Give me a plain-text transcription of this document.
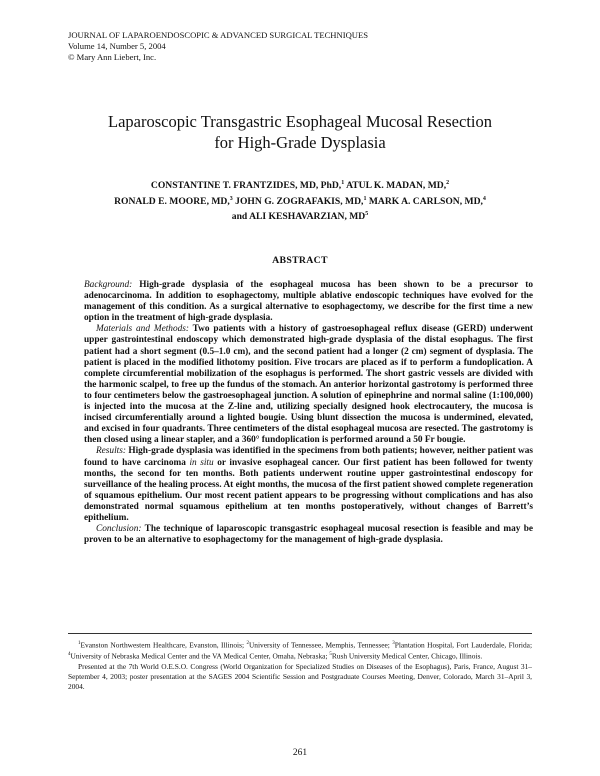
JOURNAL OF LAPAROENDOSCOPIC & ADVANCED SURGICAL TECHNIQUES
Volume 14, Number 5, 2004
© Mary Ann Liebert, Inc.
Laparoscopic Transgastric Esophageal Mucosal Resection
for High-Grade Dysplasia
CONSTANTINE T. FRANTZIDES, MD, PhD,$^1$ ATUL K. MADAN, MD,$^2$
RONALD E. MOORE, MD,$^3$ JOHN G. ZOGRAFAKIS, MD,$^1$ MARK A. CARLSON, MD,$^4$
and ALI KESHAVARZIAN, $MD^5$
ABSTRACT

Background: High-grade dysplasia of the esophageal mucosa has been shown to be a precursor to adenocarcinoma. In addition to esophagectomy, multiple ablative endoscopic techniques have evolved for the management of this condition. As a surgical alternative to esophagectomy, we describe for the first time a new option in the treatment of high-grade dysplasia.

Materials and Methods: Two patients with a history of gastroesophageal reflux disease (GERD) underwent upper gastrointestinal endoscopy which demonstrated high-grade dysplasia of the distal esophagus. The first patient had a short segment (0.5–1.0 cm), and the second patient had a longer (2 cm) segment of dysplasia. The patient is placed in the modified lithotomy position. Five trocars are placed as if to perform a fundoplication. A complete circumferential mobilization of the esophagus is performed. The short gastric vessels are divided with the harmonic scalpel, to free up the fundus of the stomach. An anterior horizontal gastrotomy is performed three to four centimeters below the gastroesophageal junction. A solution of epinephrine and normal saline (1:100,000) is injected into the mucosa at the Z-line and, utilizing specially designed hook electrocautery, the mucosa is incised circumferentially around a lighted bougie. Using blunt dissection the mucosa is undermined, elevated, and excised in four quadrants. Three centimeters of the distal esophageal mucosa are resected. The gastrotomy is then closed using a linear stapler, and a 360° fundoplication is performed around a 50 Fr bougie.

Results: High-grade dysplasia was identified in the specimens from both patients; however, neither patient was found to have carcinoma in situ or invasive esophageal cancer. Our first patient has been followed for twenty months, the second for ten months. Both patients underwent routine upper gastrointestinal endoscopy for surveillance of the healing process. At eight months, the mucosa of the first patient showed complete regeneration of squamous epithelium. Our most recent patient appears to be progressing without complications and has also demonstrated normal squamous epithelium at ten months postoperatively, without changes of Barrett’s epithelium.

Conclusion: The technique of laparoscopic transgastric esophageal mucosal resection is feasible and may be proven to be an alternative to esophagectomy for the management of high-grade dysplasia.

$^1$Evanston Northwestern Healthcare, Evanston, Illinois; $^2$University of Tennessee, Memphis, Tennessee; $^3$Plantation Hospital, Fort Lauderdale, Florida; $^4$University of Nebraska Medical Center and the VA Medical Center, Omaha, Nebraska; $^5$Rush University Medical Center, Chicago, Illinois.

Presented at the 7th World O.E.S.O. Congress (World Organization for Specialized Studies on Diseases of the Esophagus), Paris, France, August 31–September 4, 2003; poster presentation at the SAGES 2004 Scientific Session and Postgraduate Courses Meeting, Denver, Colorado, March 31–April 3, 2004.

261
